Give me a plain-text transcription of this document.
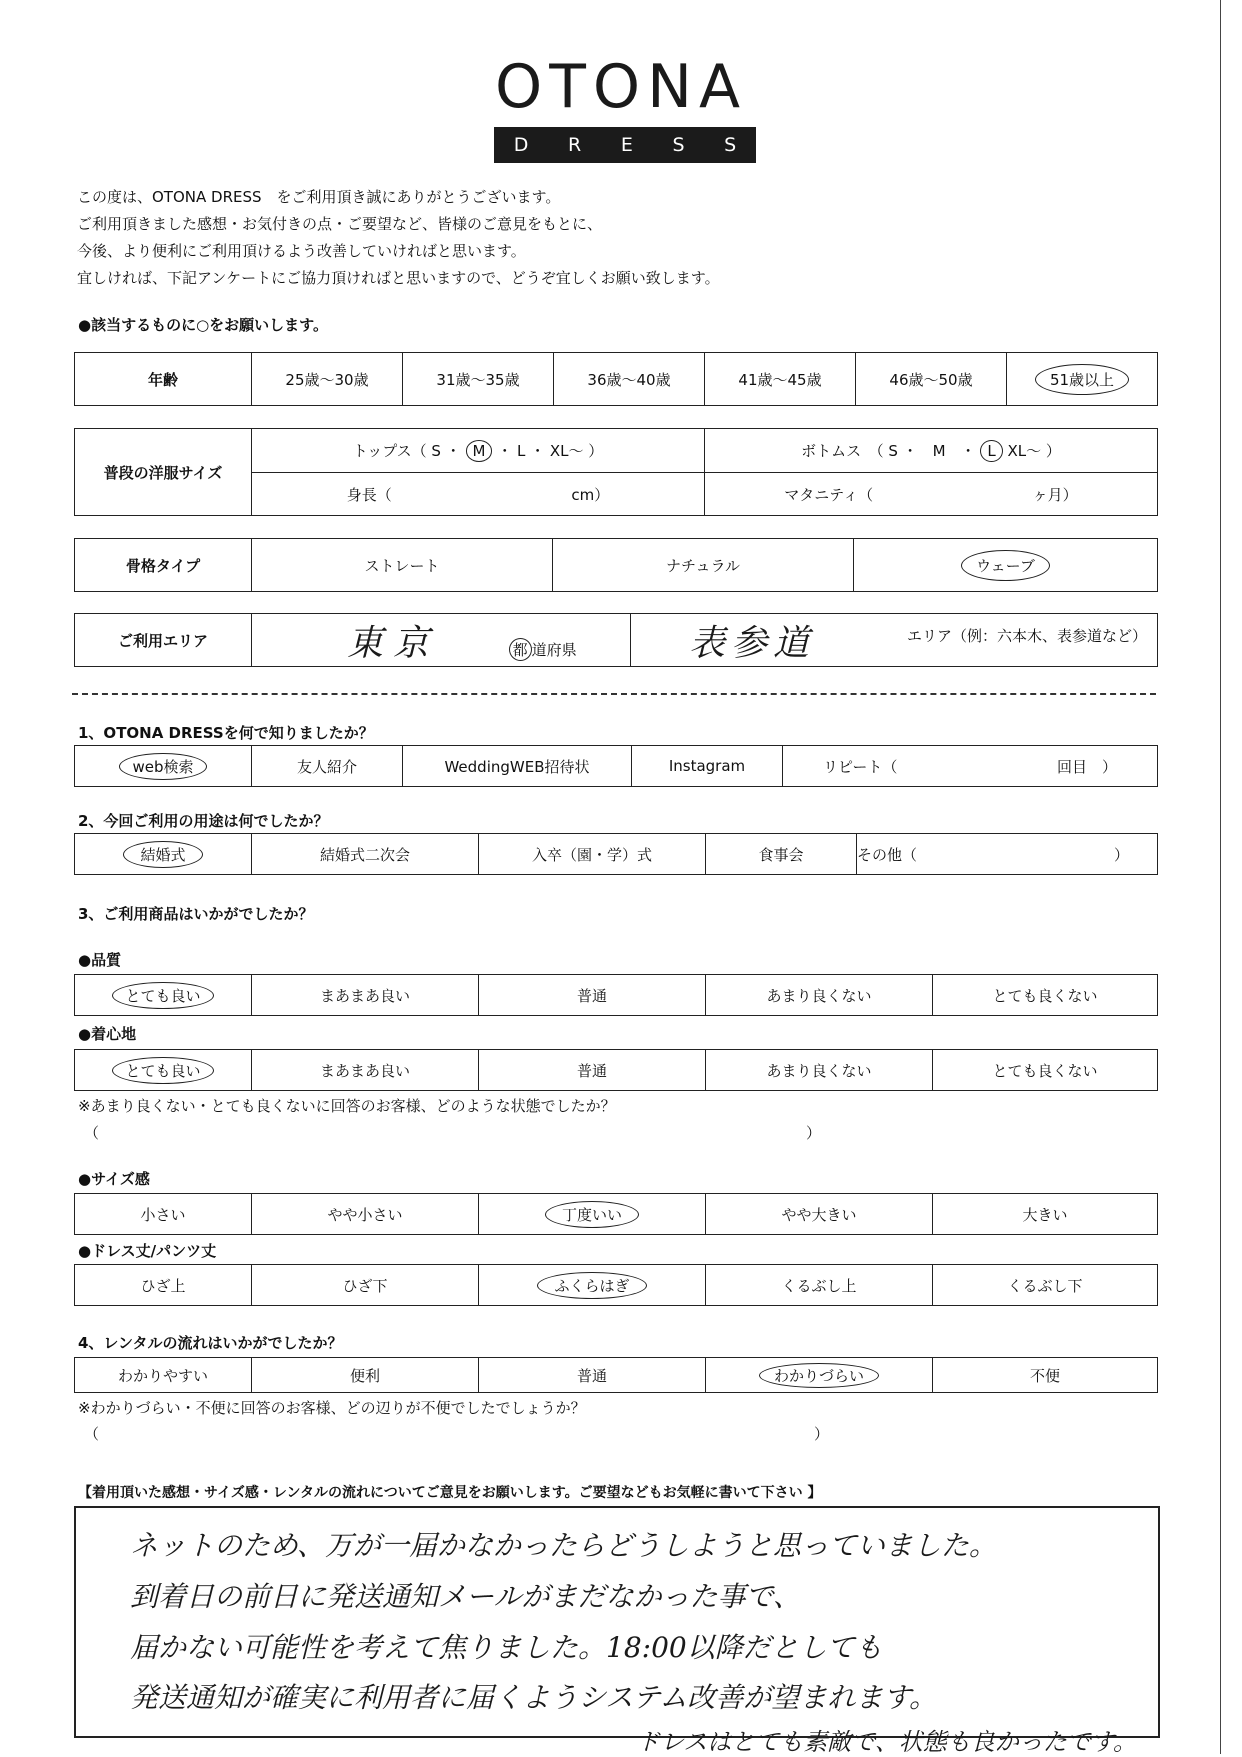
OTONA
D R E S S
この度は、OTONA DRESS　をご利用頂き誠にありがとうございます。
ご利用頂きました感想・お気付きの点・ご要望など、皆様のご意見をもとに、
今後、より便利にご利用頂けるよう改善していければと思います。
宜しければ、下記アンケートにご協力頂ければと思いますので、どうぞ宜しくお願い致します。
●該当するものに○をお願いします。
年齢	25歳～30歳	31歳～35歳	36歳～40歳	41歳～45歳	46歳～50歳	51歳以上
普段の洋服サイズ	トップス（ S ・ M ・ L ・ XL～ ）	ボトムス　（ S ・　M　・ L XL～ ）
	身長（ cm）	マタニティ（ ヶ月）
骨格タイプ	ストレート	ナチュラル	ウェーブ
ご利用エリア	東京	都 道府県	表参道	エリア（例：六本木、表参道など）
1、OTONA DRESSを何で知りましたか？
web検索	友人紹介	WeddingWEB招待状	Instagram	リピート（	回目　）
2、今回ご利用の用途は何でしたか？
結婚式	結婚式二次会	入卒（園・学）式	食事会	その他（	）
3、ご利用商品はいかがでしたか？
●品質
とても良い	まあまあ良い	普通	あまり良くない	とても良くない
●着心地
とても良い	まあまあ良い	普通	あまり良くない	とても良くない
※あまり良くない・とても良くないに回答のお客様、どのような状態でしたか？
（	）
●サイズ感
小さい	やや小さい	丁度いい	やや大きい	大きい
●ドレス丈/パンツ丈
ひざ上	ひざ下	ふくらはぎ	くるぶし上	くるぶし下
4、レンタルの流れはいかがでしたか？
わかりやすい	便利	普通	わかりづらい	不便
※わかりづらい・不便に回答のお客様、どの辺りが不便でしたでしょうか？
（	）
【着用頂いた感想・サイズ感・レンタルの流れについてご意見をお願いします。ご要望などもお気軽に書いて下さい 】
ネットのため、万が一届かなかったらどうしようと思っていました。
到着日の前日に発送通知メールがまだなかった事で、
届かない可能性を考えて焦りました。18:00以降だとしても
発送通知が確実に利用者に届くようシステム改善が望まれます。
ドレスはとても素敵で、状態も良かったです。
